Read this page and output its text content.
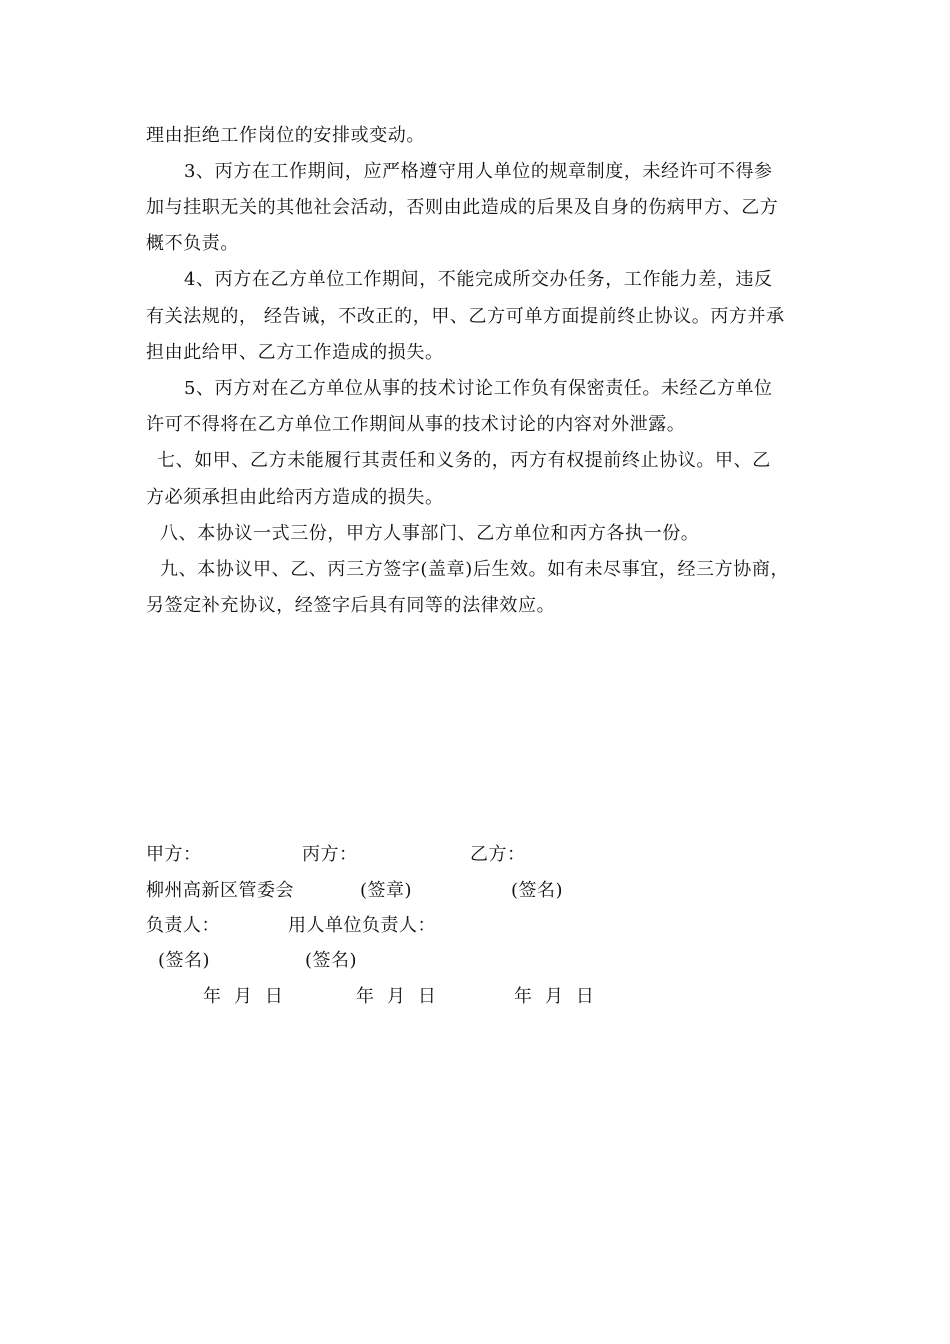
理由拒绝工作岗位的安排或变动。
3、丙方在工作期间，应严格遵守用人单位的规章制度，未经许可不得参
加与挂职无关的其他社会活动，否则由此造成的后果及自身的伤病甲方、乙方
概不负责。
4、丙方在乙方单位工作期间，不能完成所交办任务，工作能力差，违反
有关法规的， 经告诫，不改正的，甲、乙方可单方面提前终止协议。丙方并承
担由此给甲、乙方工作造成的损失。
5、丙方对在乙方单位从事的技术讨论工作负有保密责任。未经乙方单位
许可不得将在乙方单位工作期间从事的技术讨论的内容对外泄露。
七、如甲、乙方未能履行其责任和义务的，丙方有权提前终止协议。甲、乙
方必须承担由此给丙方造成的损失。
八、本协议一式三份，甲方人事部门、乙方单位和丙方各执一份。
九、本协议甲、乙、丙三方签字(盖章)后生效。如有未尽事宜，经三方协商，
另签定补充协议，经签字后具有同等的法律效应。
甲方：	丙方：	乙方：
柳州高新区管委会	(签章)	(签名)
负责人：	用人单位负责人：
(签名)	(签名)
年  月  日	年  月  日	年  月  日
